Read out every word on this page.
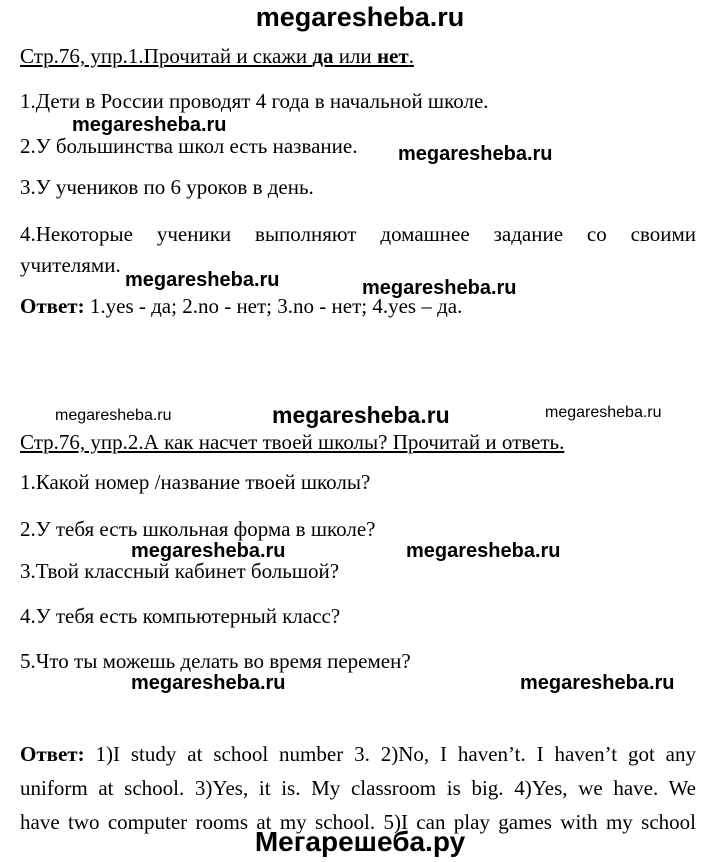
megaresheba.ru
Стр.76, упр.1.Прочитай и скажи да или нет.
1.Дети в России проводят 4 года в начальной школе.
megaresheba.ru
2.У большинства школ есть название. megaresheba.ru
3.У учеников по 6 уроков в день.
4.Некоторые ученики выполняют домашнее задание со своими
учителями.
megaresheba.ru	megaresheba.ru
Ответ: 1.yes - да; 2.no - нет; 3.no - нет; 4.yes – да.
megaresheba.ru	megaresheba.ru	megaresheba.ru
Стр.76, упр.2.А как насчет твоей школы? Прочитай и ответь.
1.Какой номер /название твоей школы?
2.У тебя есть школьная форма в школе?
megaresheba.ru	megaresheba.ru
3.Твой классный кабинет большой?
4.У тебя есть компьютерный класс?
5.Что ты можешь делать во время перемен?
megaresheba.ru	megaresheba.ru
Ответ: 1)I study at school number 3. 2)No, I haven’t. I haven’t got any
uniform at school. 3)Yes, it is. My classroom is big. 4)Yes, we have. We
have two computer rooms at my school. 5)I can play games with my school
Мегарешеба.ру
